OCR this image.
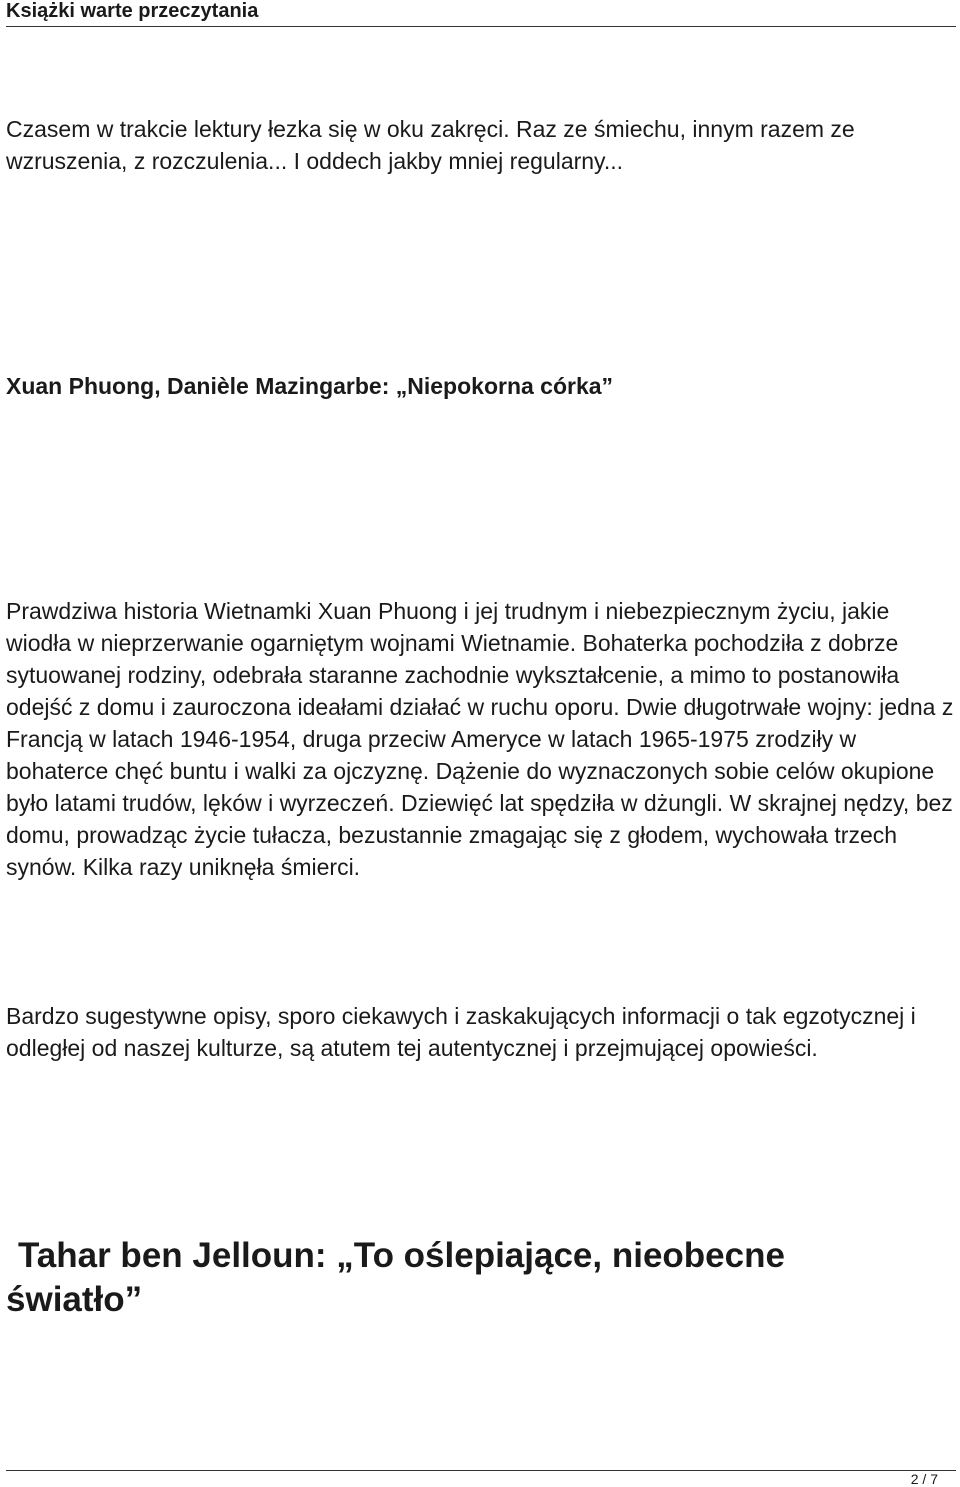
Książki warte przeczytania

Czasem w trakcie lektury łezka się w oku zakręci. Raz ze śmiechu, innym razem ze wzruszenia, z rozczulenia... I oddech jakby mniej regularny...

Xuan Phuong, Danièle Mazingarbe: „Niepokorna córka”

Prawdziwa historia Wietnamki Xuan Phuong i jej trudnym i niebezpiecznym życiu, jakie wiodła w nieprzerwanie ogarniętym wojnami Wietnamie. Bohaterka pochodziła z dobrze sytuowanej rodziny, odebrała staranne zachodnie wykształcenie, a mimo to postanowiła odejść z domu i zauroczona ideałami działać w ruchu oporu. Dwie długotrwałe wojny: jedna z Francją w latach 1946-1954, druga przeciw Ameryce w latach 1965-1975 zrodziły w bohaterce chęć buntu i walki za ojczyznę. Dążenie do wyznaczonych sobie celów okupione było latami trudów, lęków i wyrzeczeń. Dziewięć lat spędziła w dżungli. W skrajnej nędzy, bez domu, prowadząc życie tułacza, bezustannie zmagając się z głodem, wychowała trzech synów. Kilka razy uniknęła śmierci.

Bardzo sugestywne opisy, sporo ciekawych i zaskakujących informacji o tak egzotycznej i odległej od naszej kulturze, są atutem tej autentycznej i przejmującej opowieści.

Tahar ben Jelloun: „To oślepiające, nieobecne światło”
2 / 7
